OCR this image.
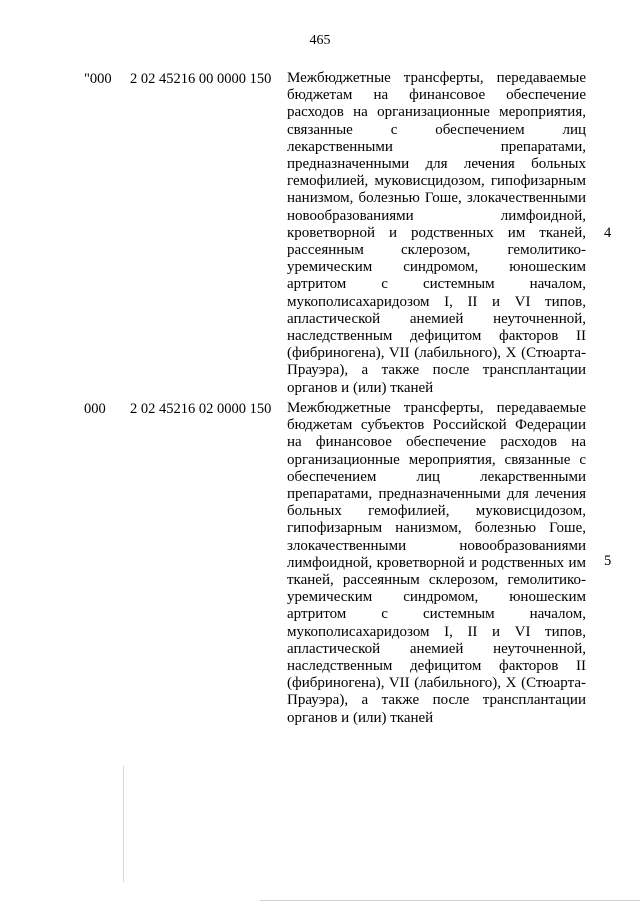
465
"000 2 02 45216 00 0000 150 Межбюджетные трансферты, передаваемые бюджетам на финансовое обеспечение расходов на организационные мероприятия, связанные с обеспечением лиц лекарственными препаратами, предназначенными для лечения больных гемофилией, муковисцидозом, гипофизарным нанизмом, болезнью Гоше, злокачественными новообразованиями лимфоидной, кроветворной и родственных им тканей, рассеянным склерозом, гемолитико-уремическим синдромом, юношеским артритом с системным началом, мукополисахаридозом I, II и VI типов, апластической анемией неуточненной, наследственным дефицитом факторов II (фибриногена), VII (лабильного), X (Стюарта-Прауэра), а также после трансплантации органов и (или) тканей
4
000 2 02 45216 02 0000 150 Межбюджетные трансферты, передаваемые бюджетам субъектов Российской Федерации на финансовое обеспечение расходов на организационные мероприятия, связанные с обеспечением лиц лекарственными препаратами, предназначенными для лечения больных гемофилией, муковисцидозом, гипофизарным нанизмом, болезнью Гоше, злокачественными новообразованиями лимфоидной, кроветворной и родственных им тканей, рассеянным склерозом, гемолитико-уремическим синдромом, юношеским артритом с системным началом, мукополисахаридозом I, II и VI типов, апластической анемией неуточненной, наследственным дефицитом факторов II (фибриногена), VII (лабильного), X (Стюарта-Прауэра), а также после трансплантации органов и (или) тканей
5
